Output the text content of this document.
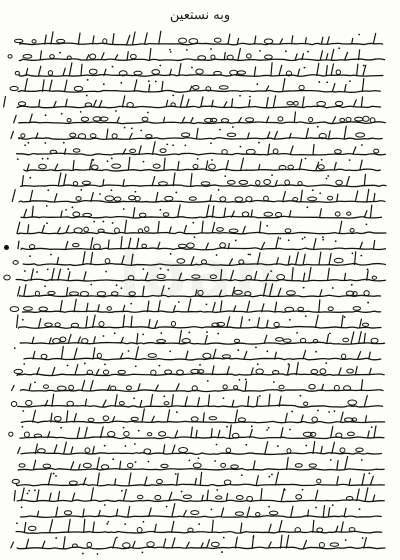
وبه نستعين
loan
